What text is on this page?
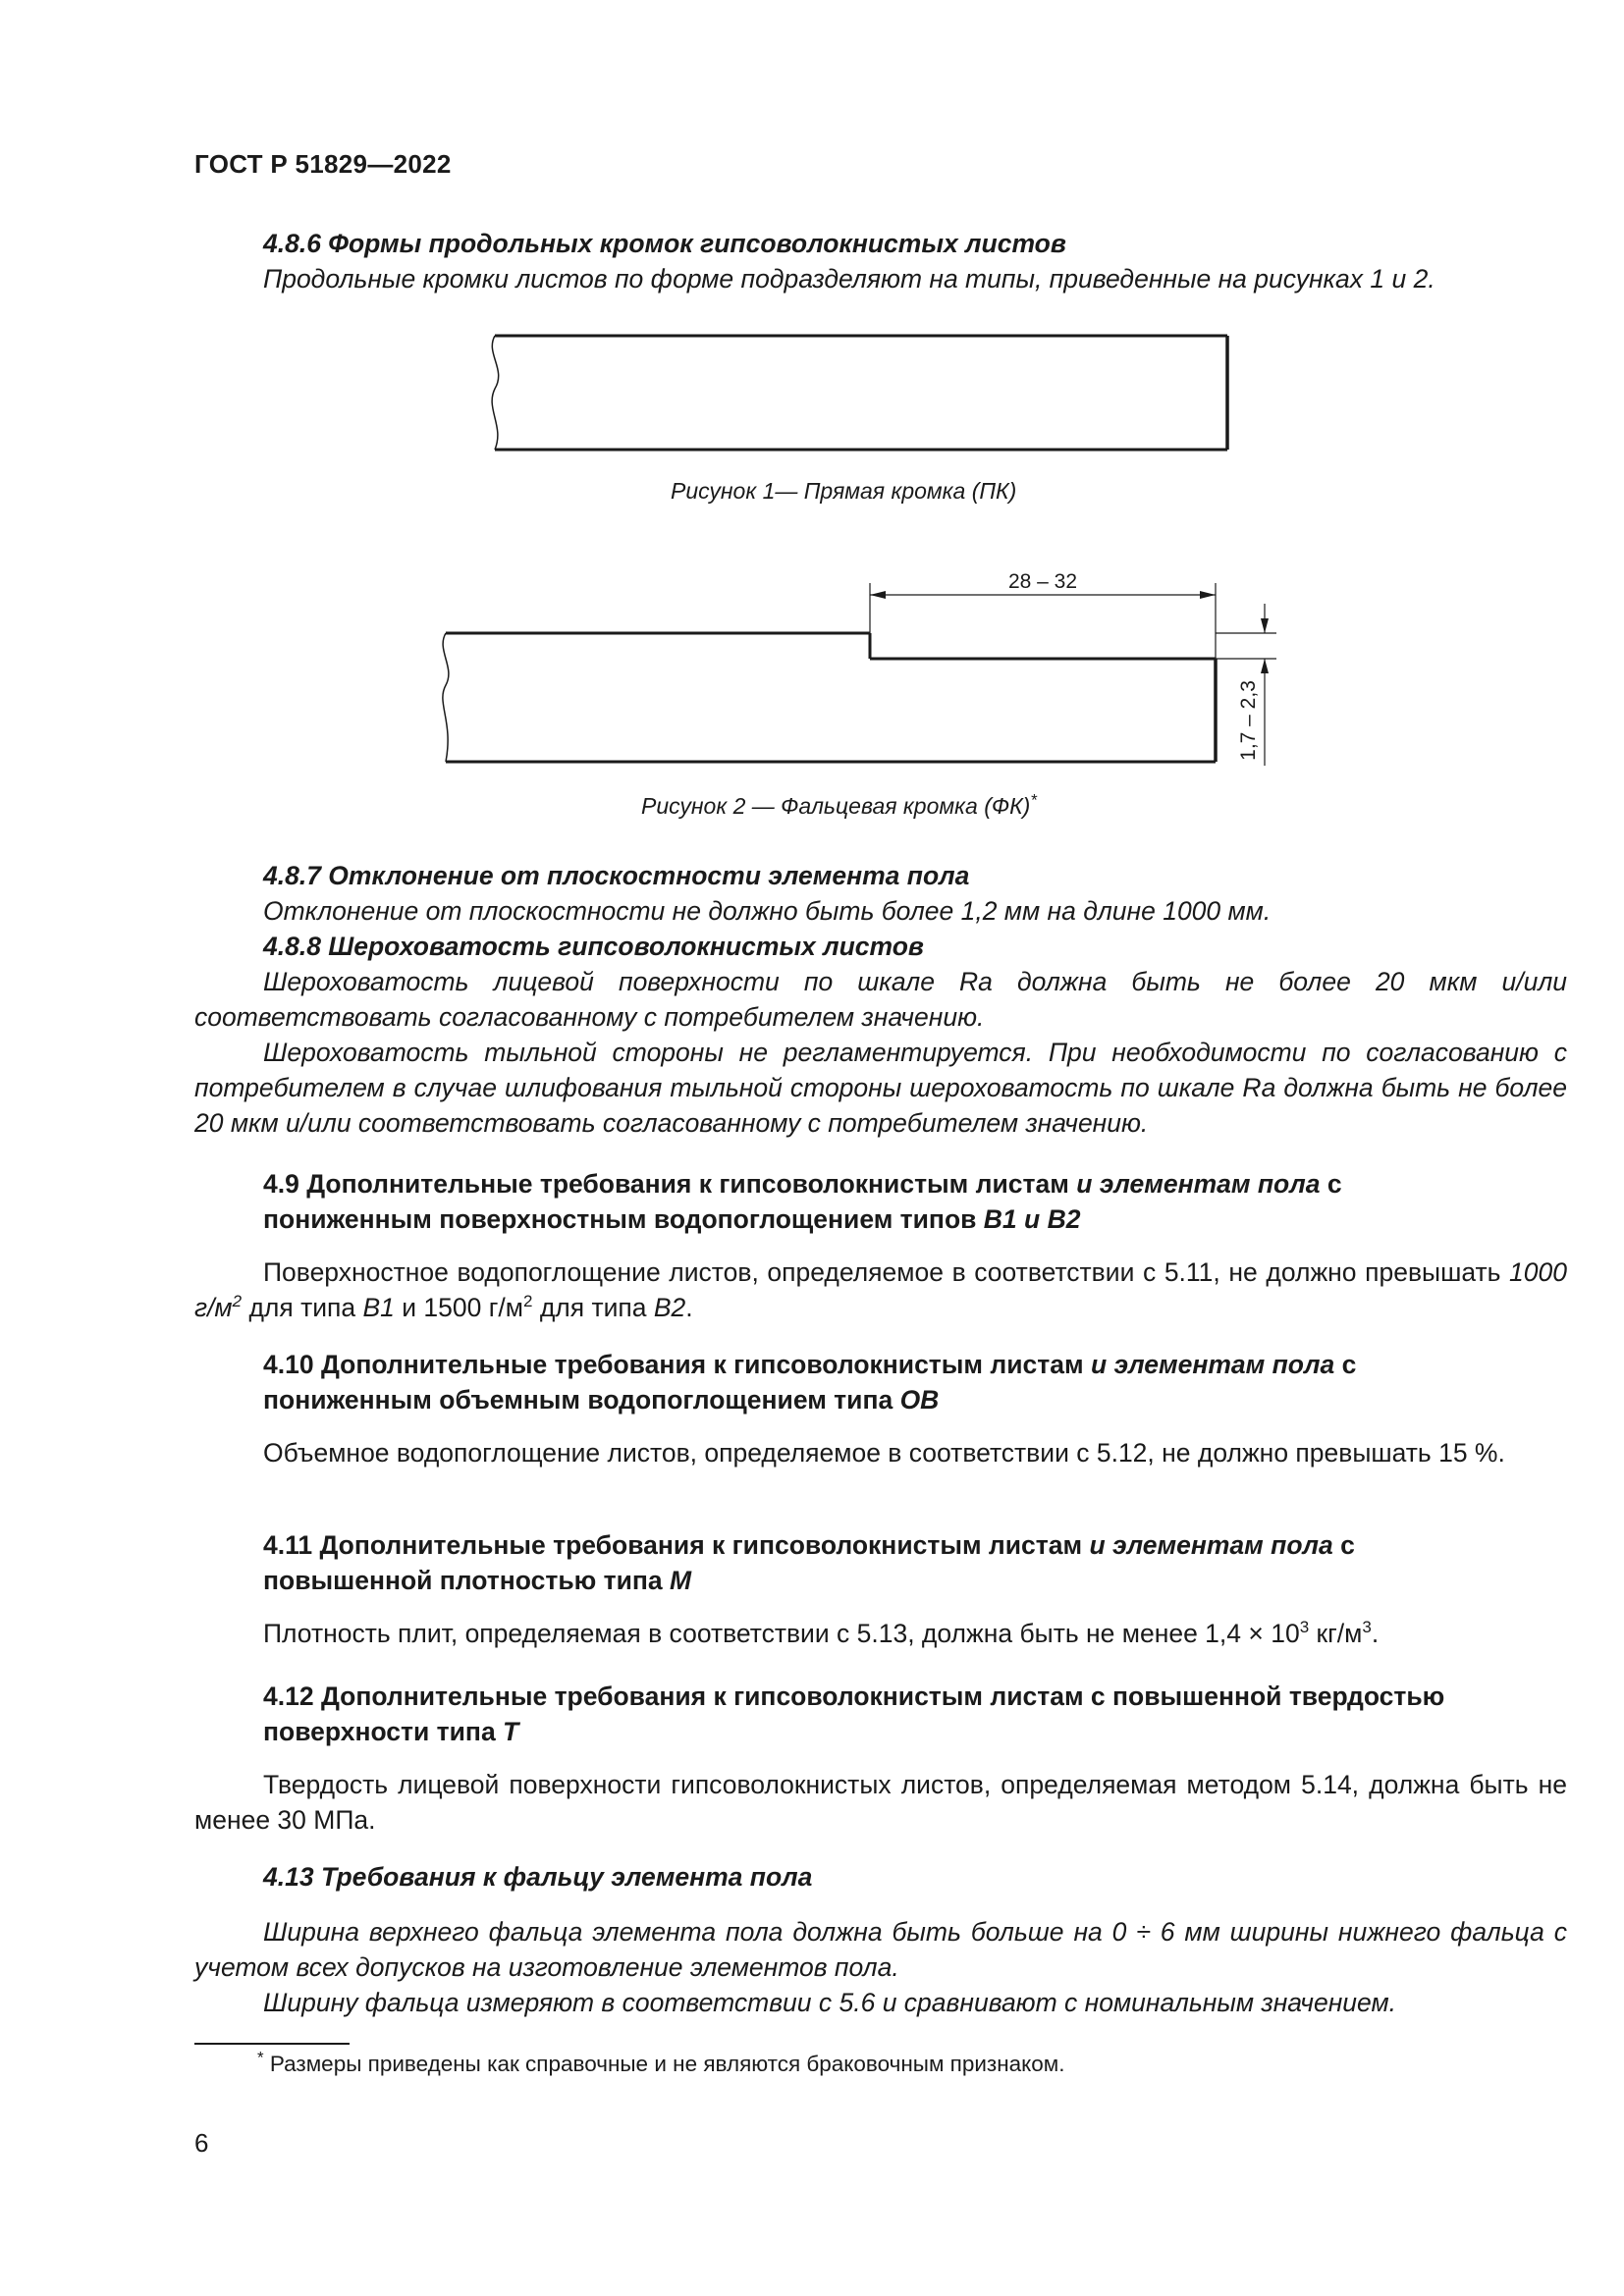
ГОСТ Р 51829—2022
4.8.6 Формы продольных кромок гипсоволокнистых листов
Продольные кромки листов по форме подразделяют на типы, приведенные на рисунках 1 и 2.
Рисунок 1— Прямая кромка (ПК)
28 – 32
1,7 – 2,3
Рисунок 2 — Фальцевая кромка (ФК)*
4.8.7 Отклонение от плоскостности элемента пола
Отклонение от плоскостности не должно быть более 1,2 мм на длине 1000 мм.
4.8.8 Шероховатость гипсоволокнистых листов
Шероховатость лицевой поверхности по шкале Ra должна быть не более 20 мкм и/или соответствовать согласованному с потребителем значению.
Шероховатость тыльной стороны не регламентируется. При необходимости по согласованию с потребителем в случае шлифования тыльной стороны шероховатость по шкале Ra должна быть не более 20 мкм и/или соответствовать согласованному с потребителем значению.
4.9 Дополнительные требования к гипсоволокнистым листам и элементам пола с пониженным поверхностным водопоглощением типов В1 и В2
Поверхностное водопоглощение листов, определяемое в соответствии с 5.11, не должно превышать 1000 $г/м^2$ для типа В1 и 1500 $г/м^2$ для типа В2.
4.10 Дополнительные требования к гипсоволокнистым листам и элементам пола с пониженным объемным водопоглощением типа ОВ
Объемное водопоглощение листов, определяемое в соответствии с 5.12, не должно превышать 15 %.
4.11 Дополнительные требования к гипсоволокнистым листам и элементам пола с повышенной плотностью типа М
Плотность плит, определяемая в соответствии с 5.13, должна быть не менее $1,4 \times 10^3$ $кг/м^3$.
4.12 Дополнительные требования к гипсоволокнистым листам с повышенной твердостью поверхности типа Т
Твердость лицевой поверхности гипсоволокнистых листов, определяемая методом 5.14, должна быть не менее 30 МПа.
4.13 Требования к фальцу элемента пола
Ширина верхнего фальца элемента пола должна быть больше на 0 ÷ 6 мм ширины нижнего фальца с учетом всех допусков на изготовление элементов пола.
Ширину фальца измеряют в соответствии с 5.6 и сравнивают с номинальным значением.
* Размеры приведены как справочные и не являются браковочным признаком.
6
